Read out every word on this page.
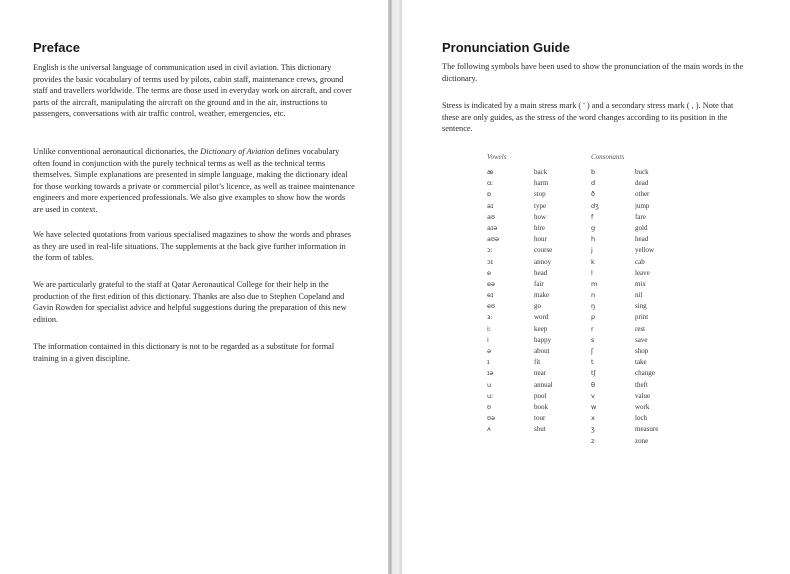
Preface
English is the universal language of communication used in civil aviation. This dictionary provides the basic vocabulary of terms used by pilots, cabin staff, maintenance crews, ground staff and travellers worldwide. The terms are those used in everyday work on aircraft, and cover parts of the aircraft, manipulating the aircraft on the ground and in the air, instructions to passengers, conversations with air traffic control, weather, emergencies, etc.
Unlike conventional aeronautical dictionaries, the Dictionary of Aviation defines vocabulary often found in conjunction with the purely technical terms as well as the technical terms themselves. Simple explanations are presented in simple language, making the dictionary ideal for those working towards a private or commercial pilot’s licence, as well as trainee maintenance engineers and more experienced professionals. We also give examples to show how the words are used in context.
We have selected quotations from various specialised magazines to show the words and phrases as they are used in real-life situations. The supplements at the back give further information in the form of tables.
We are particularly grateful to the staff at Qatar Aeronautical College for their help in the production of the first edition of this dictionary. Thanks are also due to Stephen Copeland and Gavin Rowden for specialist advice and helpful suggestions during the preparation of this new edition.
The information contained in this dictionary is not to be regarded as a substitute for formal training in a given discipline.
Pronunciation Guide
The following symbols have been used to show the pronunciation of the main words in the dictionary.
Stress is indicated by a main stress mark ( ' ) and a secondary stress mark ( , ). Note that these are only guides, as the stress of the word changes according to its position in the sentence.
Vowels	Consonants
æ
ɑː
ɒ
aɪ
aʊ
aɪə
aʊə
ɔː
ɔɪ
e
eə
eɪ
eʊ
ɜː
iː
i
ə
ɪ
ɪə
u
uː
ʊ
ʊə
ʌ
back
harm
stop
type
how
hire
hour
course
annoy
head
fair
make
go
word
keep
happy
about
fit
near
annual
pool
book
tour
shut
b
d
ð
dʒ
f
g
h
j
k
l
m
n
ŋ
p
r
s
ʃ
t
tʃ
θ
v
w
x
ʒ
z
buck
dead
other
jump
fare
gold
head
yellow
cab
leave
mix
nil
sing
print
rest
save
shop
take
change
theft
value
work
loch
measure
zone
